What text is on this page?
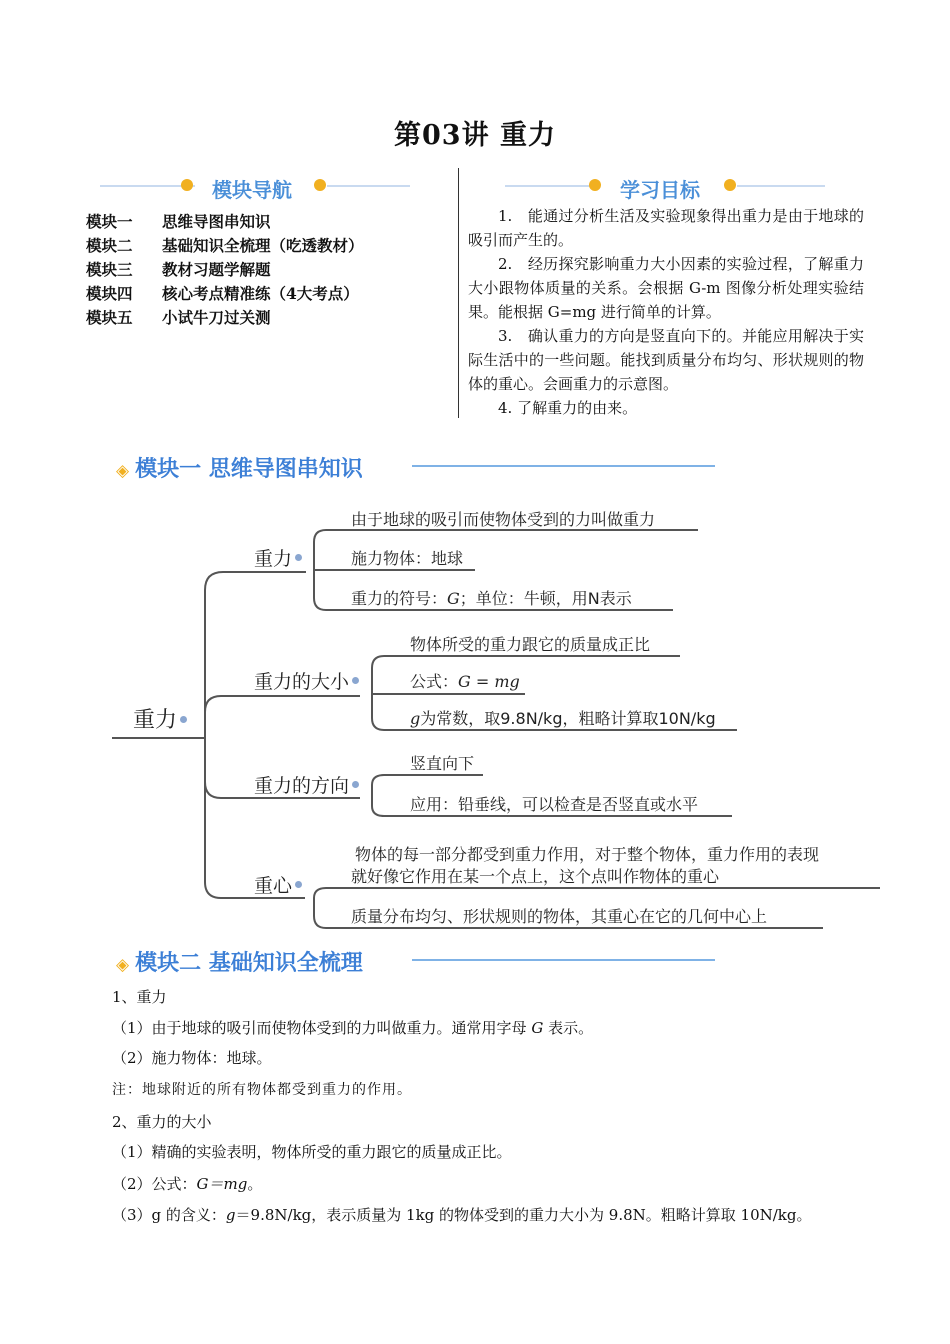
第03讲 重力
模块导航
模块一	思维导图串知识
模块二	基础知识全梳理（吃透教材）
模块三	教材习题学解题
模块四	核心考点精准练（4大考点）
模块五	小试牛刀过关测
学习目标

1.　能通过分析生活及实验现象得出重力是由于地球的吸引而产生的。

2.　经历探究影响重力大小因素的实验过程，了解重力大小跟物体质量的关系。会根据 G-m 图像分析处理实验结果。能根据 G=mg 进行简单的计算。

3.　确认重力的方向是竖直向下的。并能应用解决于实际生活中的一些问题。能找到质量分布均匀、形状规则的物体的重心。会画重力的示意图。

4. 了解重力的由来。

◈ 模块一 思维导图串知识
重力
重力
由于地球的吸引而使物体受到的力叫做重力
施力物体：地球
重力的符号：G；单位：牛顿，用N表示
重力的大小
物体所受的重力跟它的质量成正比
公式：G = mg
g为常数，取9.8N/kg，粗略计算取10N/kg
重力的方向
竖直向下
应用：铅垂线，可以检查是否竖直或水平
重心
物体的每一部分都受到重力作用，对于整个物体，重力作用的表现
就好像它作用在某一个点上，这个点叫作物体的重心
质量分布均匀、形状规则的物体，其重心在它的几何中心上
◈ 模块二 基础知识全梳理
1、重力
（1）由于地球的吸引而使物体受到的力叫做重力。通常用字母 G 表示。
（2）施力物体：地球。
注：地球附近的所有物体都受到重力的作用。
2、重力的大小
（1）精确的实验表明，物体所受的重力跟它的质量成正比。
（2）公式：G＝mg。
（3）g 的含义：g＝9.8N/kg，表示质量为 1kg 的物体受到的重力大小为 9.8N。粗略计算取 10N/kg。
